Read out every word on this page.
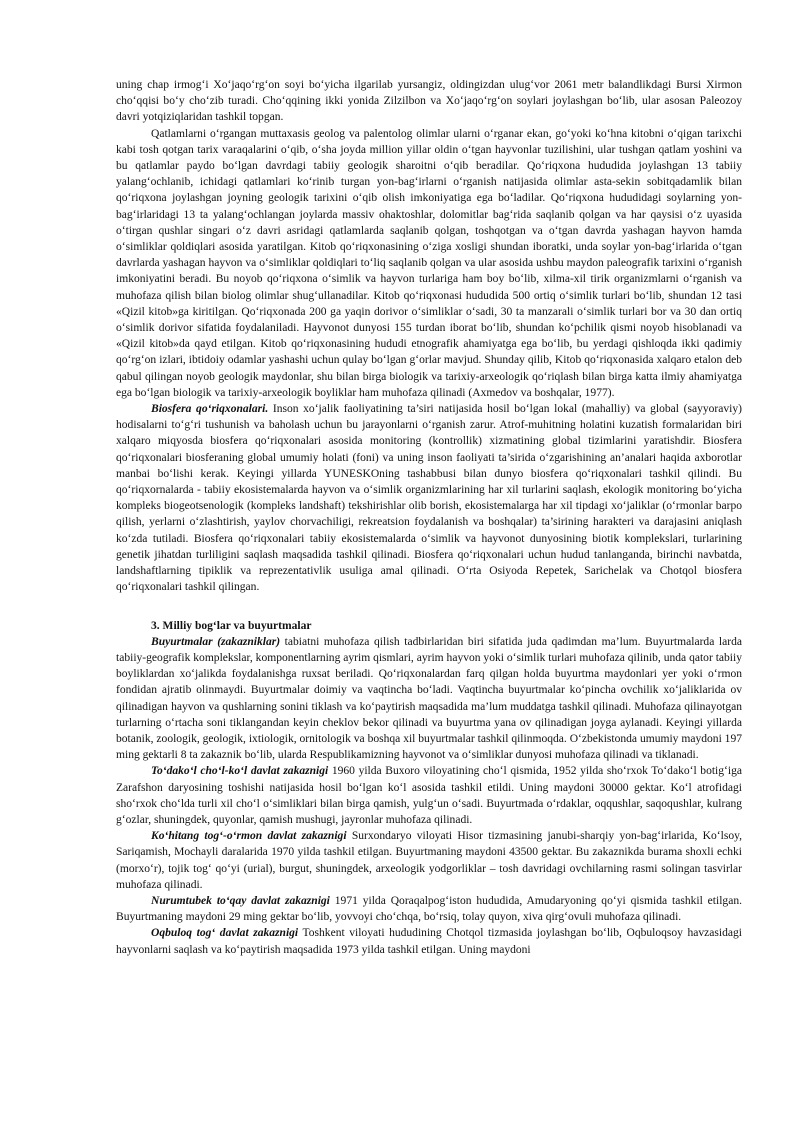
uning chap irmog‘i Xo‘jaqo‘rg‘on soyi bo‘yicha ilgarilab yursangiz, oldingizdan ulug‘vor 2061 metr balandlikdagi Bursi Xirmon cho‘qqisi bo‘y cho‘zib turadi. Cho‘qqining ikki yonida Zilzilbon va Xo‘jaqo‘rg‘on soylari joylashgan bo‘lib, ular asosan Paleozoy davri yotqiziqlaridan tashkil topgan.

Qatlamlarni o‘rgangan muttaxasis geolog va palentolog olimlar ularni o‘rganar ekan, go‘yoki ko‘hna kitobni o‘qigan tarixchi kabi tosh qotgan tarix varaqalarini o‘qib, o‘sha joyda million yillar oldin o‘tgan hayvonlar tuzilishini, ular tushgan qatlam yoshini va bu qatlamlar paydo bo‘lgan davrdagi tabiiy geologik sharoitni o‘qib beradilar. Qo‘riqxona hududida joylashgan 13 tabiiy yalang‘ochlanib, ichidagi qatlamlari ko‘rinib turgan yon-bag‘irlarni o‘rganish natijasida olimlar asta-sekin sobitqadamlik bilan qo‘riqxona joylashgan joyning geologik tarixini o‘qib olish imkoniyatiga ega bo‘ladilar. Qo‘riqxona hududidagi soylarning yon-bag‘irlaridagi 13 ta yalang‘ochlangan joylarda massiv ohaktoshlar, dolomitlar bag‘rida saqlanib qolgan va har qaysisi o‘z uyasida o‘tirgan qushlar singari o‘z davri asridagi qatlamlarda saqlanib qolgan, toshqotgan va o‘tgan davrda yashagan hayvon hamda o‘simliklar qoldiqlari asosida yaratilgan. Kitob qo‘riqxonasining o‘ziga xosligi shundan iboratki, unda soylar yon-bag‘irlarida o‘tgan davrlarda yashagan hayvon va o‘simliklar qoldiqlari to‘liq saqlanib qolgan va ular asosida ushbu maydon paleografik tarixini o‘rganish imkoniyatini beradi. Bu noyob qo‘riqxona o‘simlik va hayvon turlariga ham boy bo‘lib, xilma-xil tirik organizmlarni o‘rganish va muhofaza qilish bilan biolog olimlar shug‘ullanadilar. Kitob qo‘riqxonasi hududida 500 ortiq o‘simlik turlari bo‘lib, shundan 12 tasi «Qizil kitob»ga kiritilgan. Qo‘riqxonada 200 ga yaqin dorivor o‘simliklar o‘sadi, 30 ta manzarali o‘simlik turlari bor va 30 dan ortiq o‘simlik dorivor sifatida foydalaniladi. Hayvonot dunyosi 155 turdan iborat bo‘lib, shundan ko‘pchilik qismi noyob hisoblanadi va «Qizil kitob»da qayd etilgan. Kitob qo‘riqxonasining hududi etnografik ahamiyatga ega bo‘lib, bu yerdagi qishloqda ikki qadimiy qo‘rg‘on izlari, ibtidoiy odamlar yashashi uchun qulay bo‘lgan g‘orlar mavjud. Shunday qilib, Kitob qo‘riqxonasida xalqaro etalon deb qabul qilingan noyob geologik maydonlar, shu bilan birga biologik va tarixiy-arxeologik qo‘riqlash bilan birga katta ilmiy ahamiyatga ega bo‘lgan biologik va tarixiy-arxeologik boyliklar ham muhofaza qilinadi (Axmedov va boshqalar, 1977).

Biosfera qo‘riqxonalari. Inson xo‘jalik faoliyatining ta’siri natijasida hosil bo‘lgan lokal (mahalliy) va global (sayyoraviy) hodisalarni to‘g‘ri tushunish va baholash uchun bu jarayonlarni o‘rganish zarur. Atrof-muhitning holatini kuzatish formalaridan biri xalqaro miqyosda biosfera qo‘riqxonalari asosida monitoring (kontrollik) xizmatining global tizimlarini yaratishdir. Biosfera qo‘riqxonalari biosferaning global umumiy holati (foni) va uning inson faoliyati ta’sirida o‘zgarishining an’analari haqida axborotlar manbai bo‘lishi kerak. Keyingi yillarda YUNESKOning tashabbusi bilan dunyo biosfera qo‘riqxonalari tashkil qilindi. Bu qo‘riqxornalarda - tabiiy ekosistemalarda hayvon va o‘simlik organizmlarining har xil turlarini saqlash, ekologik monitoring bo‘yicha kompleks biogeotsenologik (kompleks landshaft) tekshirishlar olib borish, ekosistemalarga har xil tipdagi xo‘jaliklar (o‘rmonlar barpo qilish, yerlarni o‘zlashtirish, yaylov chorvachiligi, rekreatsion foydalanish va boshqalar) ta’sirining harakteri va darajasini aniqlash ko‘zda tutiladi. Biosfera qo‘riqxonalari tabiiy ekosistemalarda o‘simlik va hayvonot dunyosining biotik komplekslari, turlarining genetik jihatdan turliligini saqlash maqsadida tashkil qilinadi. Biosfera qo‘riqxonalari uchun hudud tanlanganda, birinchi navbatda, landshaftlarning tipiklik va reprezentativlik usuliga amal qilinadi. O‘rta Osiyoda Repetek, Sarichelak va Chotqol biosfera qo‘riqxonalari tashkil qilingan.

3. Milliy bog‘lar va buyurtmalar

Buyurtmalar (zakazniklar) tabiatni muhofaza qilish tadbirlaridan biri sifatida juda qadimdan ma’lum. Buyurtmalarda larda tabiiy-geografik komplekslar, komponentlarning ayrim qismlari, ayrim hayvon yoki o‘simlik turlari muhofaza qilinib, unda qator tabiiy boyliklardan xo‘jalikda foydalanishga ruxsat beriladi. Qo‘riqxonalardan farq qilgan holda buyurtma maydonlari yer yoki o‘rmon fondidan ajratib olinmaydi. Buyurtmalar doimiy va vaqtincha bo‘ladi. Vaqtincha buyurtmalar ko‘pincha ovchilik xo‘jaliklarida ov qilinadigan hayvon va qushlarning sonini tiklash va ko‘paytirish maqsadida ma’lum muddatga tashkil qilinadi. Muhofaza qilinayotgan turlarning o‘rtacha soni tiklangandan keyin cheklov bekor qilinadi va buyurtma yana ov qilinadigan joyga aylanadi. Keyingi yillarda botanik, zoologik, geologik, ixtiologik, ornitologik va boshqa xil buyurtmalar tashkil qilinmoqda. O‘zbekistonda umumiy maydoni 197 ming gektarli 8 ta zakaznik bo‘lib, ularda Respublikamizning hayvonot va o‘simliklar dunyosi muhofaza qilinadi va tiklanadi.

To‘dako‘l cho‘l-ko‘l davlat zakaznigi 1960 yilda Buxoro viloyatining cho‘l qismida, 1952 yilda sho‘rxok To‘dako‘l botig‘iga Zarafshon daryosining toshishi natijasida hosil bo‘lgan ko‘l asosida tashkil etildi. Uning maydoni 30000 gektar. Ko‘l atrofidagi sho‘rxok cho‘lda turli xil cho‘l o‘simliklari bilan birga qamish, yulg‘un o‘sadi. Buyurtmada o‘rdaklar, oqqushlar, saqoqushlar, kulrang g‘ozlar, shuningdek, quyonlar, qamish mushugi, jayronlar muhofaza qilinadi.

Ko‘hitang tog‘-o‘rmon davlat zakaznigi Surxondaryo viloyati Hisor tizmasining janubi-sharqiy yon-bag‘irlarida, Ko‘lsoy, Sariqamish, Mochayli daralarida 1970 yilda tashkil etilgan. Buyurtmaning maydoni 43500 gektar. Bu zakaznikda burama shoxli echki (morxo‘r), tojik tog‘ qo‘yi (urial), burgut, shuningdek, arxeologik yodgorliklar – tosh davridagi ovchilarning rasmi solingan tasvirlar muhofaza qilinadi.

Nurumtubek to‘qay davlat zakaznigi 1971 yilda Qoraqalpog‘iston hududida, Amudaryoning qo‘yi qismida tashkil etilgan. Buyurtmaning maydoni 29 ming gektar bo‘lib, yovvoyi cho‘chqa, bo‘rsiq, tolay quyon, xiva qirg‘ovuli muhofaza qilinadi.

Oqbuloq tog‘ davlat zakaznigi Toshkent viloyati hududining Chotqol tizmasida joylashgan bo‘lib, Oqbuloqsoy havzasidagi hayvonlarni saqlash va ko‘paytirish maqsadida 1973 yilda tashkil etilgan. Uning maydoni
